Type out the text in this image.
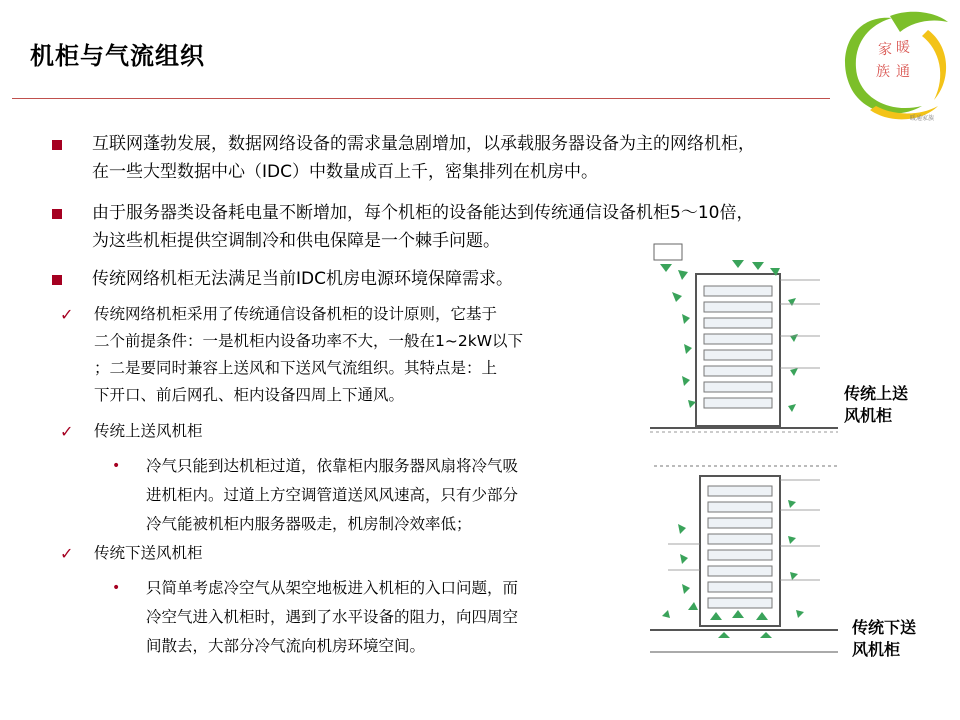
机柜与气流组织	家 暖
族 通
暖通家族
互联网蓬勃发展，数据网络设备的需求量急剧增加，以承载服务器设备为主的网络机柜，
在一些大型数据中心（IDC）中数量成百上千，密集排列在机房中。
由于服务器类设备耗电量不断增加，每个机柜的设备能达到传统通信设备机柜5～10倍，
为这些机柜提供空调制冷和供电保障是一个棘手问题。
传统网络机柜无法满足当前IDC机房电源环境保障需求。
✓ 传统网络机柜采用了传统通信设备机柜的设计原则，它基于
二个前提条件：一是机柜内设备功率不大，一般在1~2kW以下
；二是要同时兼容上送风和下送风气流组织。其特点是：上
下开口、前后网孔、柜内设备四周上下通风。
✓ 传统上送风机柜
• 冷气只能到达机柜过道，依靠柜内服务器风扇将冷气吸
进机柜内。过道上方空调管道送风风速高，只有少部分
冷气能被机柜内服务器吸走，机房制冷效率低；
✓ 传统下送风机柜
• 只简单考虑冷空气从架空地板进入机柜的入口问题，而
冷空气进入机柜时，遇到了水平设备的阻力，向四周空
间散去，大部分冷气流向机房环境空间。
传统上送
风机柜
传统下送
风机柜
